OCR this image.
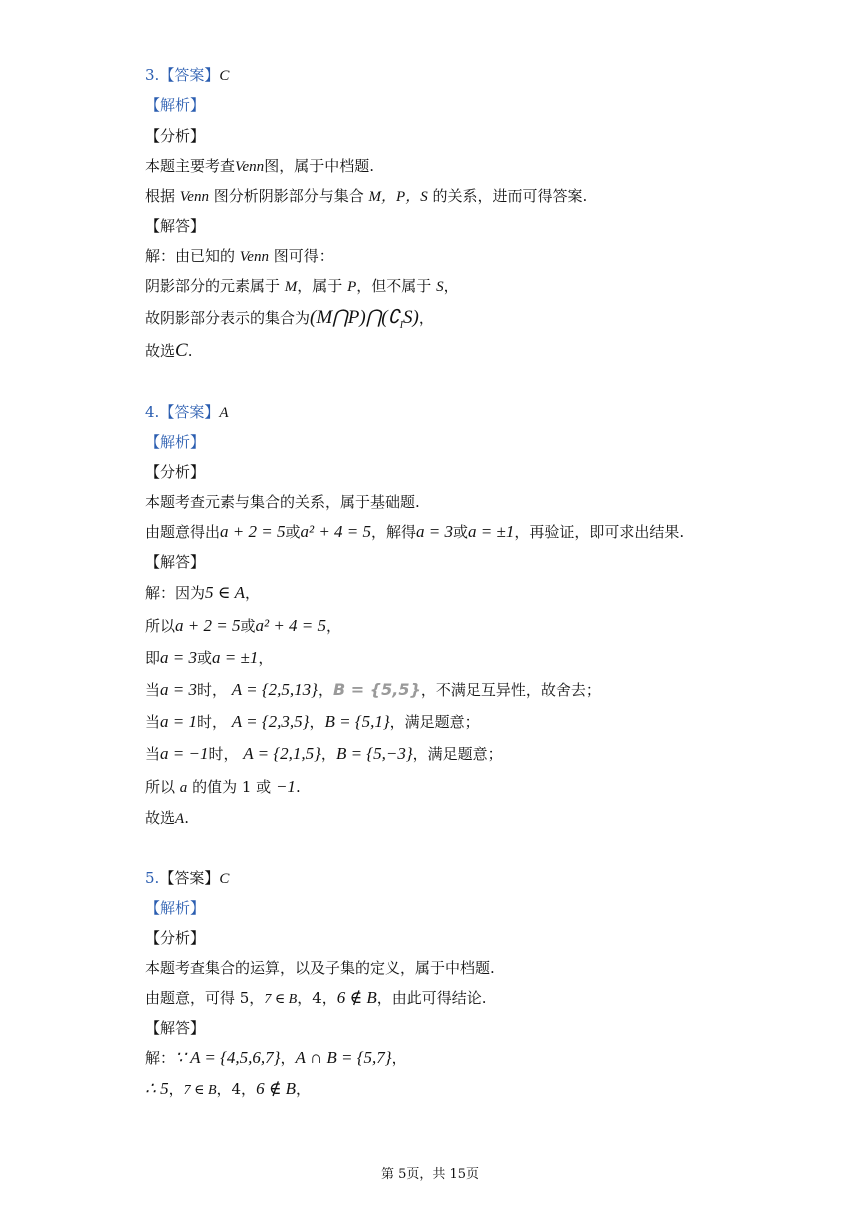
3.【答案】C
【解析】
【分析】
本题主要考查Venn图，属于中档题.
根据 Venn 图分析阴影部分与集合 M，P，S 的关系，进而可得答案.
【解答】
解：由已知的 Venn 图可得：
阴影部分的元素属于 M，属于 P，但不属于 S，
故阴影部分表示的集合为$(M⋂P)⋂(∁_IS)$，
故选C.
4.【答案】A
【解析】
【分析】
本题考查元素与集合的关系，属于基础题.
由题意得出a + 2 = 5或a² + 4 = 5，解得a = 3或a = ±1，再验证，即可求出结果.
【解答】
解：因为5 ∈ A，
所以a + 2 = 5或a² + 4 = 5，
即a = 3或a = ±1，
当a = 3时， A = {2,5,13}，B = {5,5}，不满足互异性，故舍去；
当a = 1时， A = {2,3,5}，B = {5,1}，满足题意；
当a = −1时， A = {2,1,5}，B = {5,−3}，满足题意；
所以 a 的值为 1 或 −1.
故选A.
5.【答案】C
【解析】
【分析】
本题考查集合的运算，以及子集的定义，属于中档题.
由题意，可得 5，7 ∈ B，4，6 ∉ B，由此可得结论.
【解答】
解：∵ A = {4,5,6,7}，A ∩ B = {5,7}，
∴ 5，7 ∈ B，4，6 ∉ B，
第 5页，共 15页
